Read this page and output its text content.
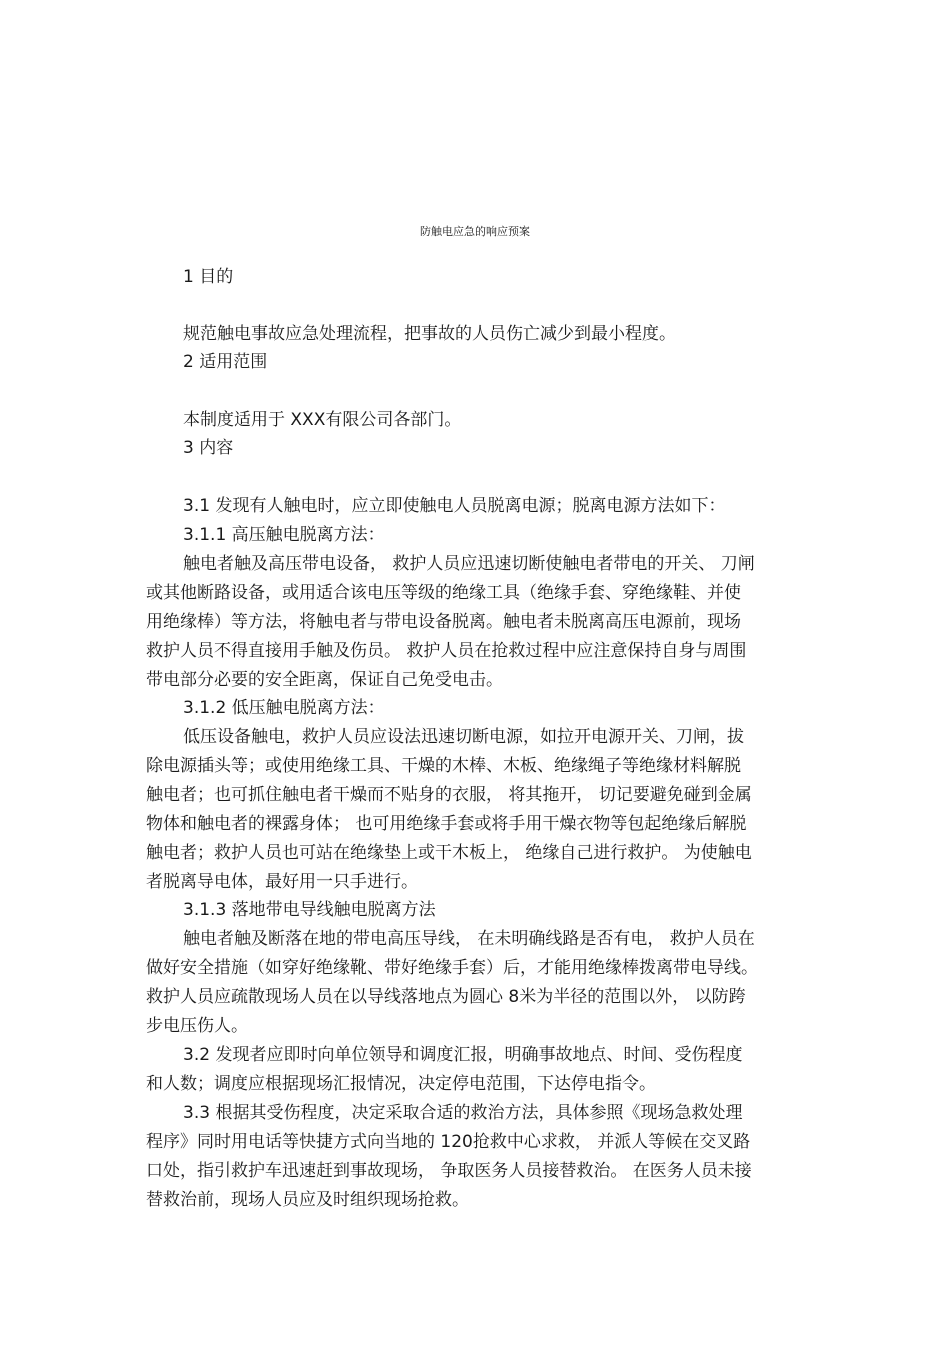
防触电应急的响应预案
1 目的
规范触电事故应急处理流程，把事故的人员伤亡减少到最小程度。
2 适用范围
本制度适用于 XXX有限公司各部门。
3 内容
3.1 发现有人触电时，应立即使触电人员脱离电源；脱离电源方法如下：
3.1.1 高压触电脱离方法：
触电者触及高压带电设备， 救护人员应迅速切断使触电者带电的开关、 刀闸
或其他断路设备，或用适合该电压等级的绝缘工具（绝缘手套、穿绝缘鞋、并使
用绝缘棒）等方法，将触电者与带电设备脱离。触电者未脱离高压电源前，现场
救护人员不得直接用手触及伤员。 救护人员在抢救过程中应注意保持自身与周围
带电部分必要的安全距离，保证自己免受电击。
3.1.2 低压触电脱离方法：
低压设备触电，救护人员应设法迅速切断电源，如拉开电源开关、刀闸，拔
除电源插头等；或使用绝缘工具、干燥的木棒、木板、绝缘绳子等绝缘材料解脱
触电者；也可抓住触电者干燥而不贴身的衣服， 将其拖开， 切记要避免碰到金属
物体和触电者的裸露身体； 也可用绝缘手套或将手用干燥衣物等包起绝缘后解脱
触电者；救护人员也可站在绝缘垫上或干木板上， 绝缘自己进行救护。 为使触电
者脱离导电体，最好用一只手进行。
3.1.3 落地带电导线触电脱离方法
触电者触及断落在地的带电高压导线， 在未明确线路是否有电， 救护人员在
做好安全措施（如穿好绝缘靴、带好绝缘手套）后，才能用绝缘棒拨离带电导线。
救护人员应疏散现场人员在以导线落地点为圆心 8米为半径的范围以外， 以防跨
步电压伤人。
3.2 发现者应即时向单位领导和调度汇报，明确事故地点、时间、受伤程度
和人数；调度应根据现场汇报情况，决定停电范围，下达停电指令。
3.3 根据其受伤程度，决定采取合适的救治方法，具体参照《现场急救处理
程序》同时用电话等快捷方式向当地的 120抢救中心求救， 并派人等候在交叉路
口处，指引救护车迅速赶到事故现场， 争取医务人员接替救治。 在医务人员未接
替救治前，现场人员应及时组织现场抢救。
